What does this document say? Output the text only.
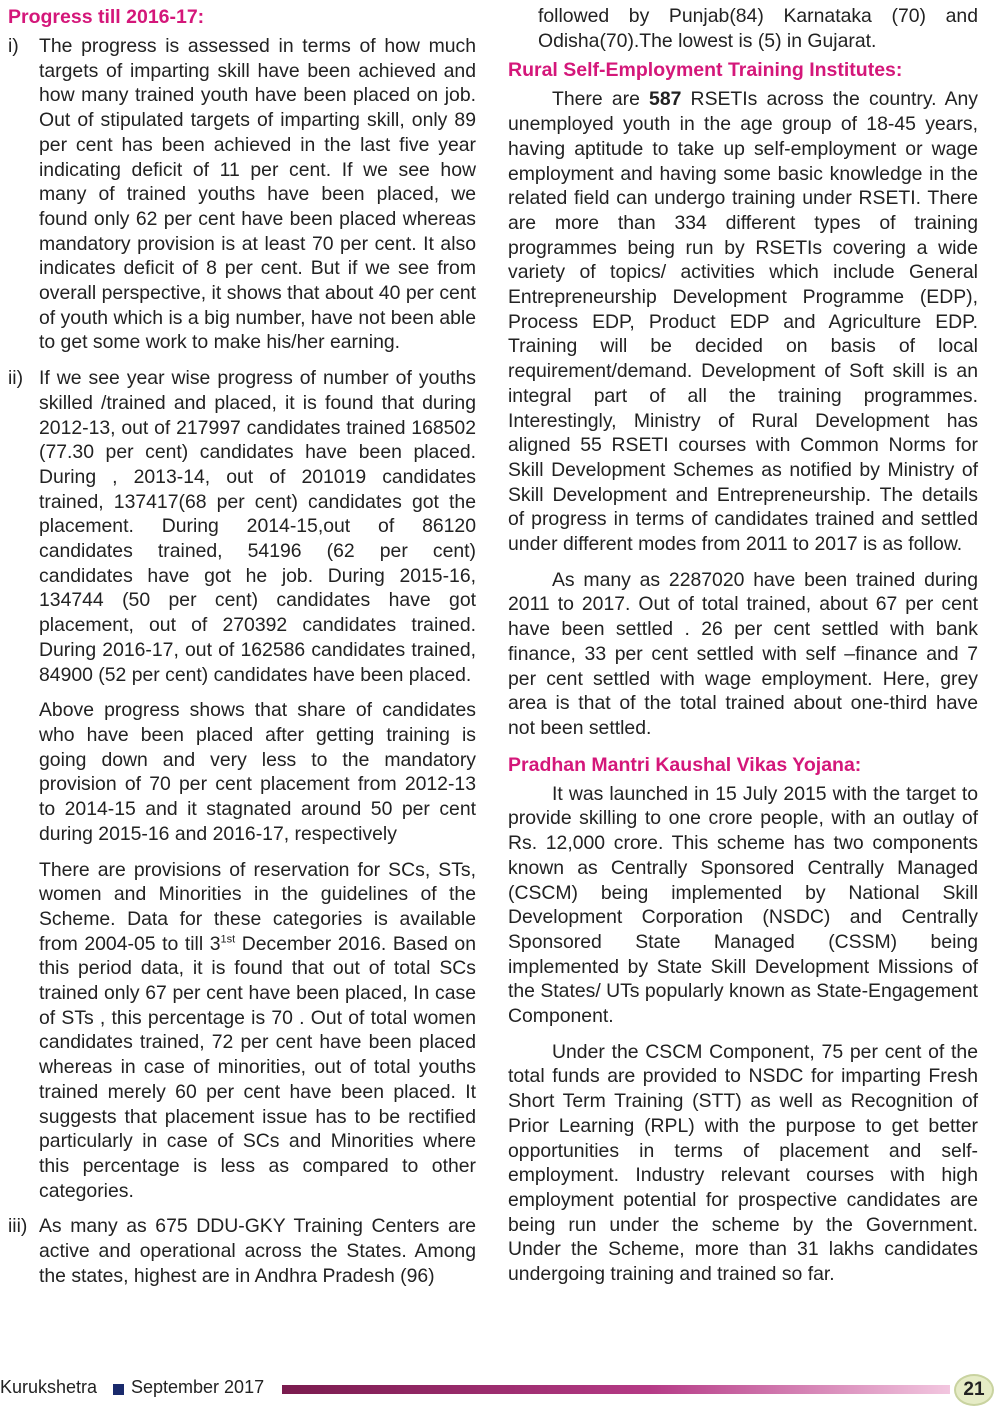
Progress till 2016-17:
i)	The progress is assessed in terms of how much targets of imparting skill have been achieved and how many trained youth have been placed on job. Out of stipulated targets of imparting skill, only 89 per cent has been achieved in the last five year indicating deficit of 11 per cent. If we see how many of trained youths have been placed, we found only 62 per cent have been placed whereas mandatory provision is at least 70 per cent. It also indicates deficit of 8 per cent. But if we see from overall perspective, it shows that about 40 per cent of youth which is a big number, have not been able to get some work to make his/her earning.
ii) If we see year wise progress of number of youths skilled /trained and placed, it is found that during 2012-13, out of 217997 candidates trained 168502 (77.30 per cent) candidates have been placed. During , 2013-14, out of 201019 candidates trained, 137417(68 per cent) candidates got the placement. During 2014-15,out of 86120 candidates trained, 54196 (62 per cent) candidates have got he job. During 2015-16, 134744 (50 per cent) candidates have got placement, out of 270392 candidates trained. During 2016-17, out of 162586 candidates trained, 84900 (52 per cent) candidates have been placed.

Above progress shows that share of candidates who have been placed after getting training is going down and very less to the mandatory provision of 70 per cent placement from 2012-13 to 2014-15 and it stagnated around 50 per cent during 2015-16 and 2016-17, respectively

There are provisions of reservation for SCs, STs, women and Minorities in the guidelines of the Scheme. Data for these categories is available from 2004-05 to till $3^{1st}$ December 2016. Based on this period data, it is found that out of total SCs trained only 67 per cent have been placed, In case of STs , this percentage is 70 . Out of total women candidates trained, 72 per cent have been placed whereas in case of minorities, out of total youths trained merely 60 per cent have been placed. It suggests that placement issue has to be rectified particularly in case of SCs and Minorities where this percentage is less as compared to other categories.

iii) As many as 675 DDU-GKY Training Centers are active and operational across the States. Among the states, highest are in Andhra Pradesh (96)

followed by Punjab(84) Karnataka (70) and Odisha(70).The lowest is (5) in Gujarat.

Rural Self-Employment Training Institutes:

There are 587 RSETIs across the country. Any unemployed youth in the age group of 18-45 years, having aptitude to take up self-employment or wage employment and having some basic knowledge in the related field can undergo training under RSETI. There are more than 334 different types of training programmes being run by RSETIs covering a wide variety of topics/ activities which include General Entrepreneurship Development Programme (EDP), Process EDP, Product EDP and Agriculture EDP. Training will be decided on basis of local requirement/demand. Development of Soft skill is an integral part of all the training programmes. Interestingly, Ministry of Rural Development has aligned 55 RSETI courses with Common Norms for Skill Development Schemes as notified by Ministry of Skill Development and Entrepreneurship. The details of progress in terms of candidates trained and settled under different modes from 2011 to 2017 is as follow.

As many as 2287020 have been trained during 2011 to 2017. Out of total trained, about 67 per cent have been settled . 26 per cent settled with bank finance, 33 per cent settled with self –finance and 7 per cent settled with wage employment. Here, grey area is that of the total trained about one-third have not been settled.

Pradhan Mantri Kaushal Vikas Yojana:

It was launched in 15 July 2015 with the target to provide skilling to one crore people, with an outlay of Rs. 12,000 crore. This scheme has two components known as Centrally Sponsored Centrally Managed (CSCM) being implemented by National Skill Development Corporation (NSDC) and Centrally Sponsored State Managed (CSSM) being implemented by State Skill Development Missions of the States/ UTs popularly known as State-Engagement Component.

Under the CSCM Component, 75 per cent of the total funds are provided to NSDC for imparting Fresh Short Term Training (STT) as well as Recognition of Prior Learning (RPL) with the purpose to get better opportunities in terms of placement and self-employment. Industry relevant courses with high employment potential for prospective candidates are being run under the scheme by the Government. Under the Scheme, more than 31 lakhs candidates undergoing training and trained so far.

Kurukshetra September 2017	21
